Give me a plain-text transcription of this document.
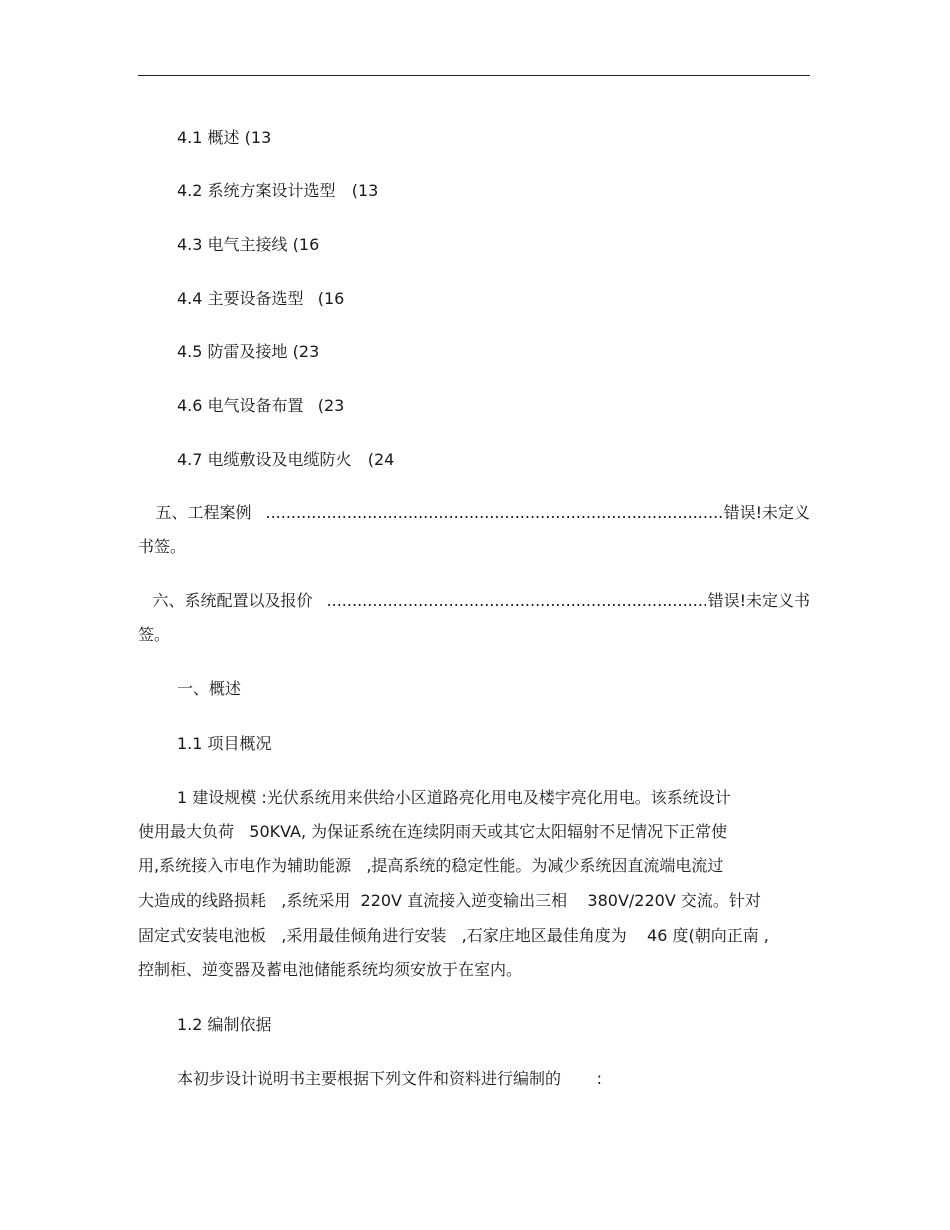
4.1 概述 (13
4.2 系统方案设计选型 (13
4.3 电气主接线 (16
4.4 主要设备选型 (16
4.5 防雷及接地 (23
4.6 电气设备布置 (23
4.7 电缆敷设及电缆防火 (24
五、工程案例 .....	错误!未定义
书签。
六、系统配置以及报价 .....	错误!未定义书
签。
一、概述
1.1 项目概况
1 建设规模 :光伏系统用来供给小区道路亮化用电及楼宇亮化用电。该系统设计
使用最大负荷   50KVA, 为保证系统在连续阴雨天或其它太阳辐射不足情况下正常使
用,系统接入市电作为辅助能源   ,提高系统的稳定性能。为减少系统因直流端电流过
大造成的线路损耗   ,系统采用  220V 直流接入逆变输出三相    380V/220V 交流。针对
固定式安装电池板   ,采用最佳倾角进行安装   ,石家庄地区最佳角度为    46 度(朝向正南 ,
控制柜、逆变器及蓄电池储能系统均须安放于在室内。
1.2 编制依据
本初步设计说明书主要根据下列文件和资料进行编制的       :
